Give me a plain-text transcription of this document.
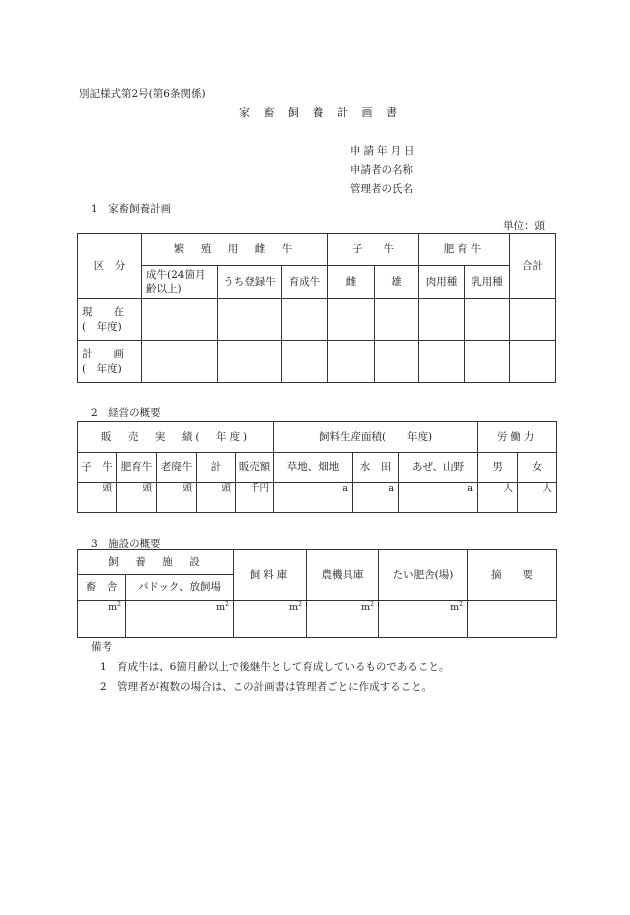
別記様式第2号(第6条関係)
家 畜 飼 養 計 画 書
申請年月日
申請者の名称
管理者の氏名
1　家畜飼養計画
単位：頭
区　分	繁　殖　用　雌　牛			子　　牛		肥育牛		合計
	成牛(24箇月
齢以上)	うち登録牛	育成牛	雌	雄	肉用種	乳用種	
現　　在
(　年度)								
計　　画
(　年度)								
2　経営の概要
販　売　実　績(　年度)					飼料生産面積(　　年度)			労働力	
子　牛	肥育牛	老廃牛	計	販売額	草地、畑地	水　田	あぜ、山野	男	女
頭	頭	頭	頭	千円	a	a	a	人	人
3　施設の概要
飼　養　施　設		飼料庫	農機具庫	たい肥舎(場)	摘　　要
畜　舎	パドック、放飼場				
$m^2$	$m^2$	$m^2$	$m^2$	$m^2$	
備考
1　育成牛は、6箇月齢以上で後継牛として育成しているものであること。
2　管理者が複数の場合は、この計画書は管理者ごとに作成すること。
